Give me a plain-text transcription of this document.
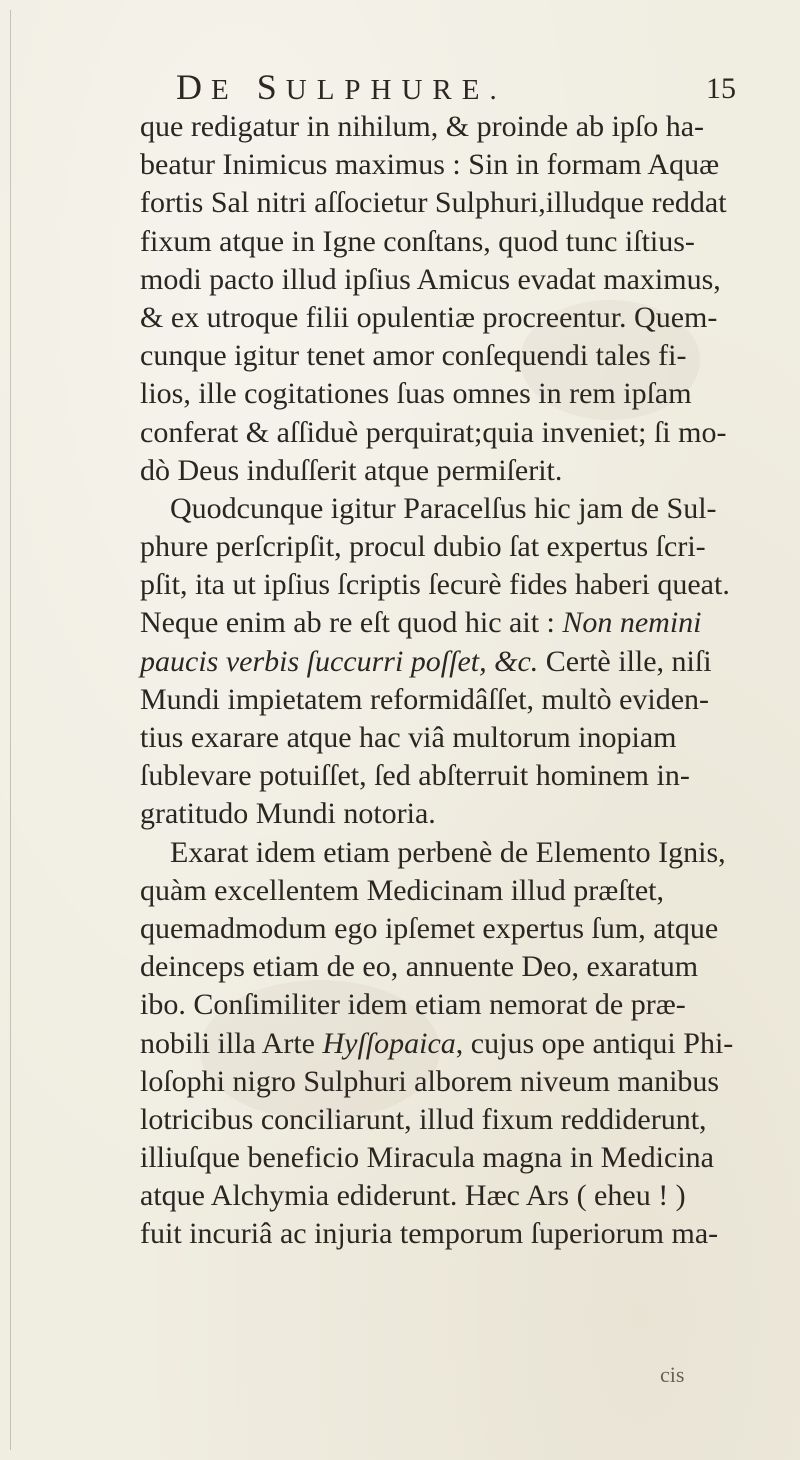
DE SULPHURE.	15
que redigatur in nihilum, & proinde ab ipſo ha-
beatur Inimicus maximus : Sin in formam Aquæ
fortis Sal nitri aſſocietur Sulphuri,illudque reddat
fixum atque in Igne conſtans, quod tunc iſtius-
modi pacto illud ipſius Amicus evadat maximus,
& ex utroque filii opulentiæ procreentur. Quem-
cunque igitur tenet amor conſequendi tales fi-
lios, ille cogitationes ſuas omnes in rem ipſam
conferat & aſſiduè perquirat;quia inveniet; ſi mo-
dò Deus induſſerit atque permiſerit.
Quodcunque igitur Paracelſus hic jam de Sul-
phure perſcripſit, procul dubio ſat expertus ſcri-
pſit, ita ut ipſius ſcriptis ſecurè fides haberi queat.
Neque enim ab re eſt quod hic ait : Non nemini
paucis verbis ſuccurri poſſet, &c. Certè ille, niſi
Mundi impietatem reformidâſſet, multò eviden-
tius exarare atque hac viâ multorum inopiam
ſublevare potuiſſet, ſed abſterruit hominem in-
gratitudo Mundi notoria.
Exarat idem etiam perbenè de Elemento Ignis,
quàm excellentem Medicinam illud præſtet,
quemadmodum ego ipſemet expertus ſum, atque
deinceps etiam de eo, annuente Deo, exaratum
ibo. Conſimiliter idem etiam nemorat de præ-
nobili illa Arte Hyſſopaica, cujus ope antiqui Phi-
loſophi nigro Sulphuri alborem niveum manibus
lotricibus conciliarunt, illud fixum reddiderunt,
illiuſque beneficio Miracula magna in Medicina
atque Alchymia ediderunt. Hæc Ars ( eheu ! )
fuit incuriâ ac injuria temporum ſuperiorum ma-
cis
